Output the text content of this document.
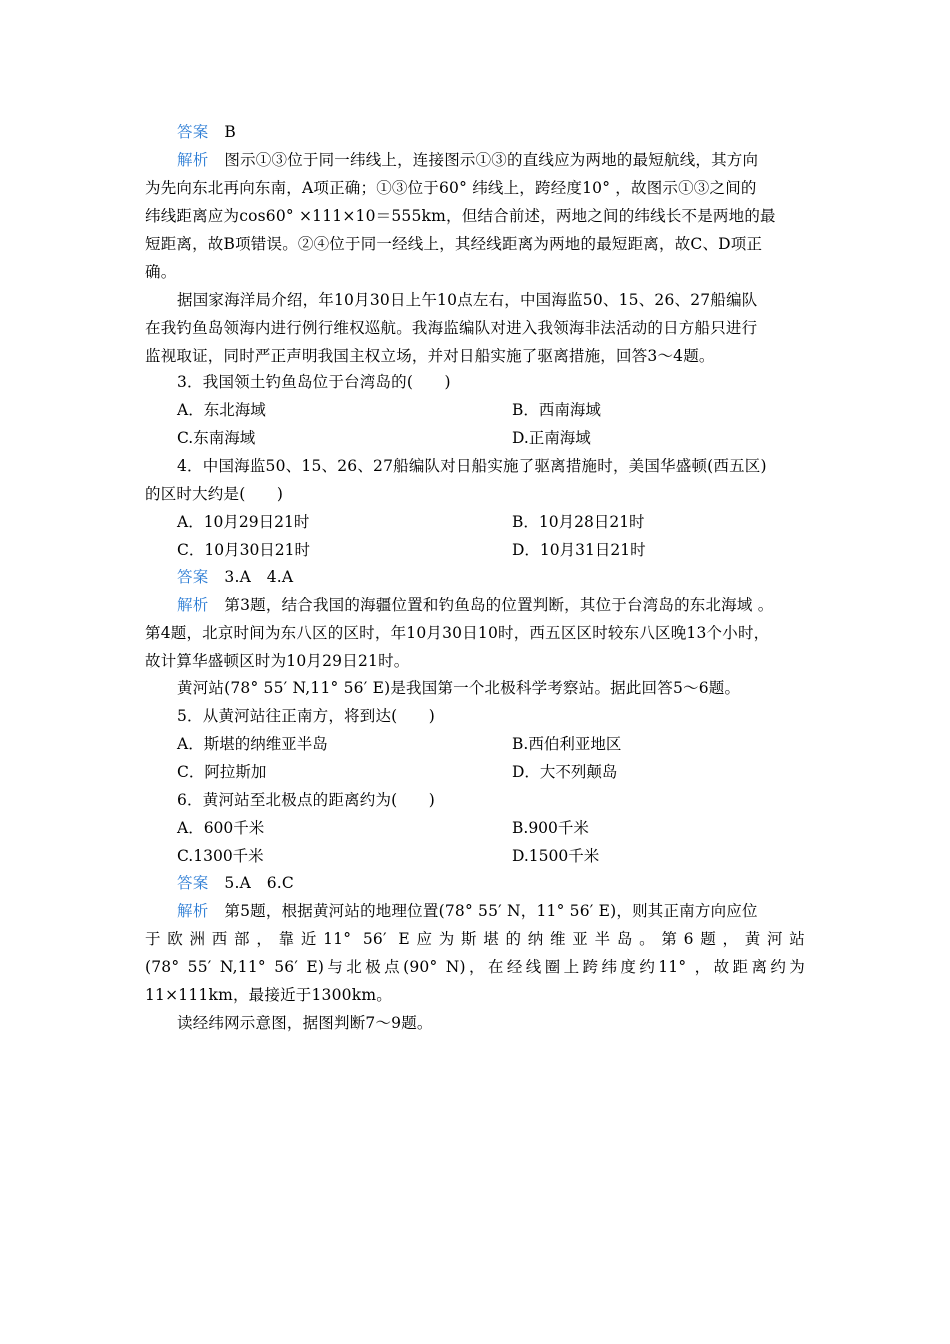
答案 B
解析 图示①③位于同一纬线上，连接图示①③的直线应为两地的最短航线，其方向
为先向东北再向东南，A项正确；①③位于60° 纬线上，跨经度10° ，故图示①③之间的
纬线距离应为cos60° ×111×10＝555km，但结合前述，两地之间的纬线长不是两地的最
短距离，故B项错误。②④位于同一经线上，其经线距离为两地的最短距离，故C、D项正
确。
据国家海洋局介绍，年10月30日上午10点左右，中国海监50、15、26、27船编队
在我钓鱼岛领海内进行例行维权巡航。我海监编队对进入我领海非法活动的日方船只进行
监视取证，同时严正声明我国主权立场，并对日船实施了驱离措施，回答3～4题。
3．我国领土钓鱼岛位于台湾岛的(　　)
A．东北海域	B．西南海域
C.东南海域	D.正南海域
4．中国海监50、15、26、27船编队对日船实施了驱离措施时，美国华盛顿(西五区)
的区时大约是(　　)
A．10月29日21时	B．10月28日21时
C．10月30日21时	D．10月31日21时
答案 3.A　4.A
解析 第3题，结合我国的海疆位置和钓鱼岛的位置判断，其位于台湾岛的东北海域 。
第4题，北京时间为东八区的区时，年10月30日10时，西五区区时较东八区晚13个小时，
故计算华盛顿区时为10月29日21时。
黄河站(78° 55′ N,11° 56′ E)是我国第一个北极科学考察站。据此回答5～6题。
5．从黄河站往正南方，将到达(　　)
A．斯堪的纳维亚半岛	B.西伯利亚地区
C．阿拉斯加	D．大不列颠岛
6．黄河站至北极点的距离约为(　　)
A．600千米	B.900千米
C.1300千米	D.1500千米
答案 5.A　6.C
解析 第5题，根据黄河站的地理位置(78° 55′ N，11° 56′ E)，则其正南方向应位
于欧洲西部，靠近11° 56′ E应为斯堪的纳维亚半岛。第6题，黄河站
(78° 55′ N,11° 56′ E)与北极点(90° N)，在经线圈上跨纬度约11° ，故距离约为
11×111km，最接近于1300km。
读经纬网示意图，据图判断7～9题。
